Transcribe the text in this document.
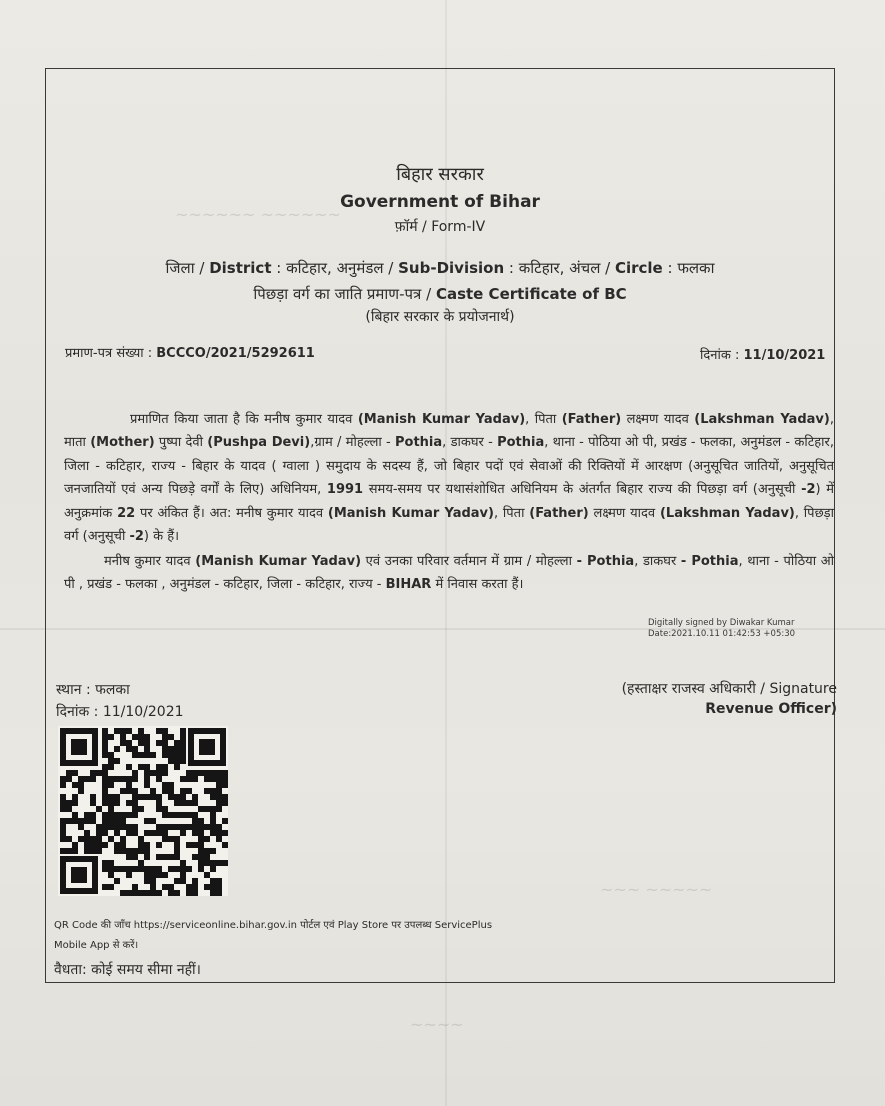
~~~~~~ ~~~~~~
~~~ ~~~~~
~~~~
बिहार सरकार
Government of Bihar
फ़ॉर्म / Form-IV
जिला / District : कटिहार, अनुमंडल / Sub-Division : कटिहार, अंचल / Circle : फलका
पिछड़ा वर्ग का जाति प्रमाण-पत्र / Caste Certificate of BC
(बिहार सरकार के प्रयोजनार्थ)
प्रमाण-पत्र संख्या : BCCCO/2021/5292611	दिनांक : 11/10/2021
प्रमाणित किया जाता है कि मनीष कुमार यादव (Manish Kumar Yadav), पिता (Father) लक्ष्मण यादव (Lakshman Yadav), माता (Mother) पुष्पा देवी (Pushpa Devi),ग्राम / मोहल्ला - Pothia, डाकघर - Pothia, थाना - पोठिया ओ पी, प्रखंड - फलका, अनुमंडल - कटिहार, जिला - कटिहार, राज्य - बिहार के यादव ( ग्वाला ) समुदाय के सदस्य हैं, जो बिहार पदों एवं सेवाओं की रिक्तियों में आरक्षण (अनुसूचित जातियों, अनुसूचित जनजातियों एवं अन्य पिछड़े वर्गों के लिए) अधिनियम, 1991 समय-समय पर यथासंशोधित अधिनियम के अंतर्गत बिहार राज्य की पिछड़ा वर्ग (अनुसूची -2) में अनुक्रमांक 22 पर अंकित हैं। अत: मनीष कुमार यादव (Manish Kumar Yadav), पिता (Father) लक्ष्मण यादव (Lakshman Yadav), पिछड़ा वर्ग (अनुसूची -2) के हैं।
मनीष कुमार यादव (Manish Kumar Yadav) एवं उनका परिवार वर्तमान में ग्राम / मोहल्ला - Pothia, डाकघर - Pothia, थाना - पोठिया ओ पी , प्रखंड - फलका , अनुमंडल - कटिहार, जिला - कटिहार, राज्य - BIHAR में निवास करता हैं।
Digitally signed by Diwakar Kumar
Date:2021.10.11 01:42:53 +05:30
स्थान : फलका
दिनांक : 11/10/2021
(हस्ताक्षर राजस्व अधिकारी / Signature
Revenue Officer)
QR Code की जाँच https://serviceonline.bihar.gov.in पोर्टल एवं Play Store पर उपलब्ध ServicePlus
Mobile App से करें।
वैधता: कोई समय सीमा नहीं।
